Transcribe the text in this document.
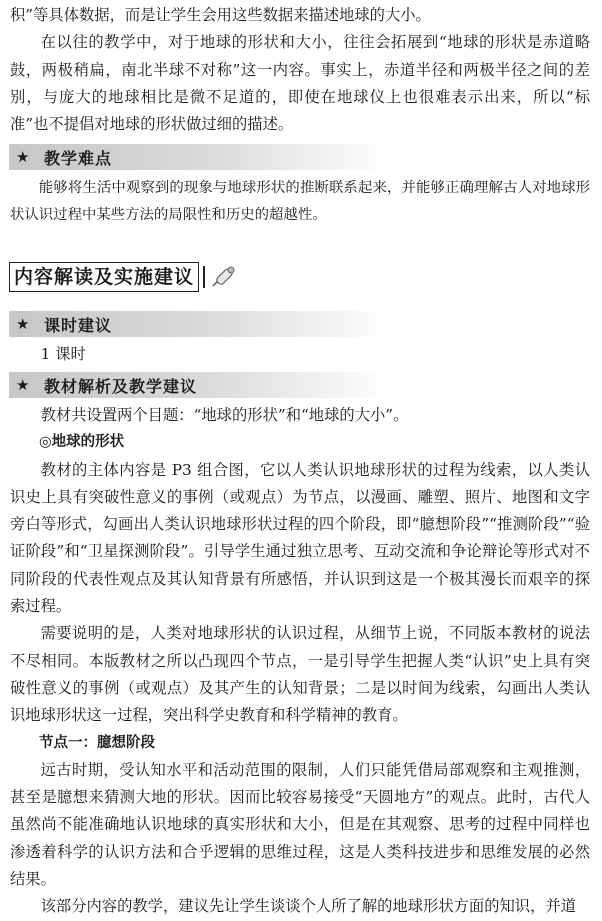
积”等具体数据，而是让学生会用这些数据来描述地球的大小。

在以往的教学中，对于地球的形状和大小，往往会拓展到“地球的形状是赤道略鼓，两极稍扁，南北半球不对称”这一内容。事实上，赤道半径和两极半径之间的差别，与庞大的地球相比是微不足道的，即使在地球仪上也很难表示出来，所以“标准”也不提倡对地球的形状做过细的描述。

★ 教学难点

能够将生活中观察到的现象与地球形状的推断联系起来，并能够正确理解古人对地球形状认识过程中某些方法的局限性和历史的超越性。

内容解读及实施建议
★ 课时建议

1 课时

★ 教材解析及教学建议

教材共设置两个目题：“地球的形状”和“地球的大小”。

◎地球的形状

教材的主体内容是 P3 组合图，它以人类认识地球形状的过程为线索，以人类认识史上具有突破性意义的事例（或观点）为节点，以漫画、雕塑、照片、地图和文字旁白等形式，勾画出人类认识地球形状过程的四个阶段，即“臆想阶段”“推测阶段”“验证阶段”和“卫星探测阶段”。引导学生通过独立思考、互动交流和争论辩论等形式对不同阶段的代表性观点及其认知背景有所感悟，并认识到这是一个极其漫长而艰辛的探索过程。

需要说明的是，人类对地球形状的认识过程，从细节上说，不同版本教材的说法不尽相同。本版教材之所以凸现四个节点，一是引导学生把握人类“认识”史上具有突破性意义的事例（或观点）及其产生的认知背景；二是以时间为线索，勾画出人类认识地球形状这一过程，突出科学史教育和科学精神的教育。

节点一：臆想阶段

远古时期，受认知水平和活动范围的限制，人们只能凭借局部观察和主观推测，甚至是臆想来猜测大地的形状。因而比较容易接受“天圆地方”的观点。此时，古代人虽然尚不能准确地认识地球的真实形状和大小，但是在其观察、思考的过程中同样也渗透着科学的认识方法和合乎逻辑的思维过程，这是人类科技进步和思维发展的必然结果。

该部分内容的教学，建议先让学生谈谈个人所了解的地球形状方面的知识，并道
